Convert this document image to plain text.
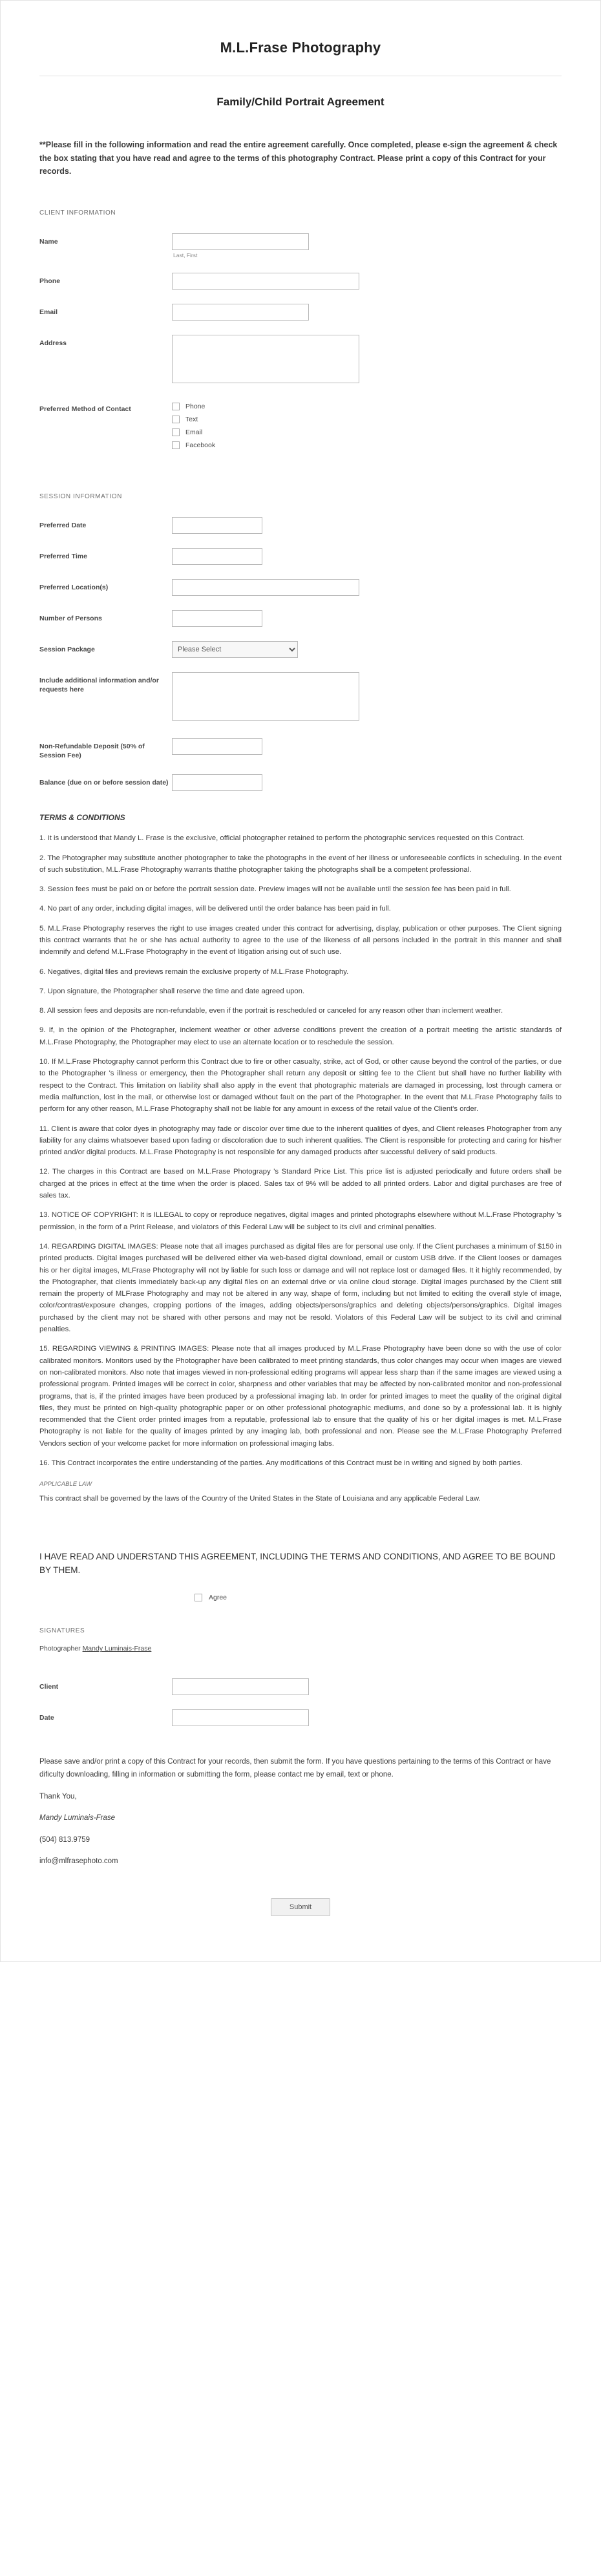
M.L.Frase Photography
Family/Child Portrait Agreement

**Please fill in the following information and read the entire agreement carefully. Once completed, please e-sign the agreement & check the box stating that you have read and agree to the terms of this photography Contract. Please print a copy of this Contract for your records.

CLIENT INFORMATION
Name
Last, First
Phone
Email
Address
Preferred Method of Contact	Phone
Text
Email
Facebook
SESSION INFORMATION
Preferred Date
Preferred Time
Preferred Location(s)
Number of Persons
Session Package
Please Select
Include additional information and/or requests here
Non-Refundable Deposit (50% of Session Fee)
Balance (due on or before session date)
TERMS & CONDITIONS

1. It is understood that Mandy L. Frase is the exclusive, official photographer retained to perform the photographic services requested on this Contract.

2. The Photographer may substitute another photographer to take the photographs in the event of her illness or unforeseeable conflicts in scheduling. In the event of such substitution, M.L.Frase Photography warrants thatthe photographer taking the photographs shall be a competent professional.

3. Session fees must be paid on or before the portrait session date. Preview images will not be available until the session fee has been paid in full.

4. No part of any order, including digital images, will be delivered until the order balance has been paid in full.

5. M.L.Frase Photography reserves the right to use images created under this contract for advertising, display, publication or other purposes. The Client signing this contract warrants that he or she has actual authority to agree to the use of the likeness of all persons included in the portrait in this manner and shall indemnify and defend M.L.Frase Photography in the event of litigation arising out of such use.

6. Negatives, digital files and previews remain the exclusive property of M.L.Frase Photography.

7. Upon signature, the Photographer shall reserve the time and date agreed upon.

8. All session fees and deposits are non-refundable, even if the portrait is rescheduled or canceled for any reason other than inclement weather.

9. If, in the opinion of the Photographer, inclement weather or other adverse conditions prevent the creation of a portrait meeting the artistic standards of M.L.Frase Photography, the Photographer may elect to use an alternate location or to reschedule the session.

10. If M.L.Frase Photography cannot perform this Contract due to fire or other casualty, strike, act of God, or other cause beyond the control of the parties, or due to the Photographer 's illness or emergency, then the Photographer shall return any deposit or sitting fee to the Client but shall have no further liability with respect to the Contract. This limitation on liability shall also apply in the event that photographic materials are damaged in processing, lost through camera or media malfunction, lost in the mail, or otherwise lost or damaged without fault on the part of the Photographer. In the event that M.L.Frase Photography fails to perform for any other reason, M.L.Frase Photography shall not be liable for any amount in excess of the retail value of the Client's order.

11. Client is aware that color dyes in photography may fade or discolor over time due to the inherent qualities of dyes, and Client releases Photographer from any liability for any claims whatsoever based upon fading or discoloration due to such inherent qualities. The Client is responsible for protecting and caring for his/her printed and/or digital products. M.L.Frase Photography is not responsible for any damaged products after successful delivery of said products.

12. The charges in this Contract are based on M.L.Frase Photograpy 's Standard Price List. This price list is adjusted periodically and future orders shall be charged at the prices in effect at the time when the order is placed. Sales tax of 9% will be added to all printed orders. Labor and digital purchases are free of sales tax.

13. NOTICE OF COPYRIGHT: It is ILLEGAL to copy or reproduce negatives, digital images and printed photographs elsewhere without M.L.Frase Photography 's permission, in the form of a Print Release, and violators of this Federal Law will be subject to its civil and criminal penalties.

14. REGARDING DIGITAL IMAGES: Please note that all images purchased as digital files are for personal use only. If the Client purchases a minimum of $150 in printed products. Digital images purchased will be delivered either via web-based digital download, email or custom USB drive. If the Client looses or damages his or her digital images, MLFrase Photography will not by liable for such loss or damage and will not replace lost or damaged files. It it highly recommended, by the Photographer, that clients immediately back-up any digital files on an external drive or via online cloud storage. Digital images purchased by the Client still remain the property of MLFrase Photography and may not be altered in any way, shape of form, including but not limited to editing the overall style of image, color/contrast/exposure changes, cropping portions of the images, adding objects/persons/graphics and deleting objects/persons/graphics. Digital images purchased by the client may not be shared with other persons and may not be resold. Violators of this Federal Law will be subject to its civil and criminal penalties.

15. REGARDING VIEWING & PRINTING IMAGES: Please note that all images produced by M.L.Frase Photography have been done so with the use of color calibrated monitors. Monitors used by the Photographer have been calibrated to meet printing standards, thus color changes may occur when images are viewed on non-calibrated monitors. Also note that images viewed in non-professional editing programs will appear less sharp than if the same images are viewed using a professional program. Printed images will be correct in color, sharpness and other variables that may be affected by non-calibrated monitor and non-professional programs, that is, if the printed images have been produced by a professional imaging lab. In order for printed images to meet the quality of the original digital files, they must be printed on high-quality photographic paper or on other professional photographic mediums, and done so by a professional lab. It is highly recommended that the Client order printed images from a reputable, professional lab to ensure that the quality of his or her digital images is met. M.L.Frase Photography is not liable for the quality of images printed by any imaging lab, both professional and non. Please see the M.L.Frase Photography Preferred Vendors section of your welcome packet for more information on professional imaging labs.

16. This Contract incorporates the entire understanding of the parties. Any modifications of this Contract must be in writing and signed by both parties.

APPLICABLE LAW

This contract shall be governed by the laws of the Country of the United States in the State of Louisiana and any applicable Federal Law.

I HAVE READ AND UNDERSTAND THIS AGREEMENT, INCLUDING THE TERMS AND CONDITIONS, AND AGREE TO BE BOUND BY THEM.
Agree
SIGNATURES
Photographer Mandy Luminais-Frase
Client
Date

Please save and/or print a copy of this Contract for your records, then submit the form. If you have questions pertaining to the terms of this Contract or have dificulty downloading, filling in information or submitting the form, please contact me by email, text or phone.

Thank You,

Mandy Luminais-Frase

(504) 813.9759

info@mlfrasephoto.com

Submit
